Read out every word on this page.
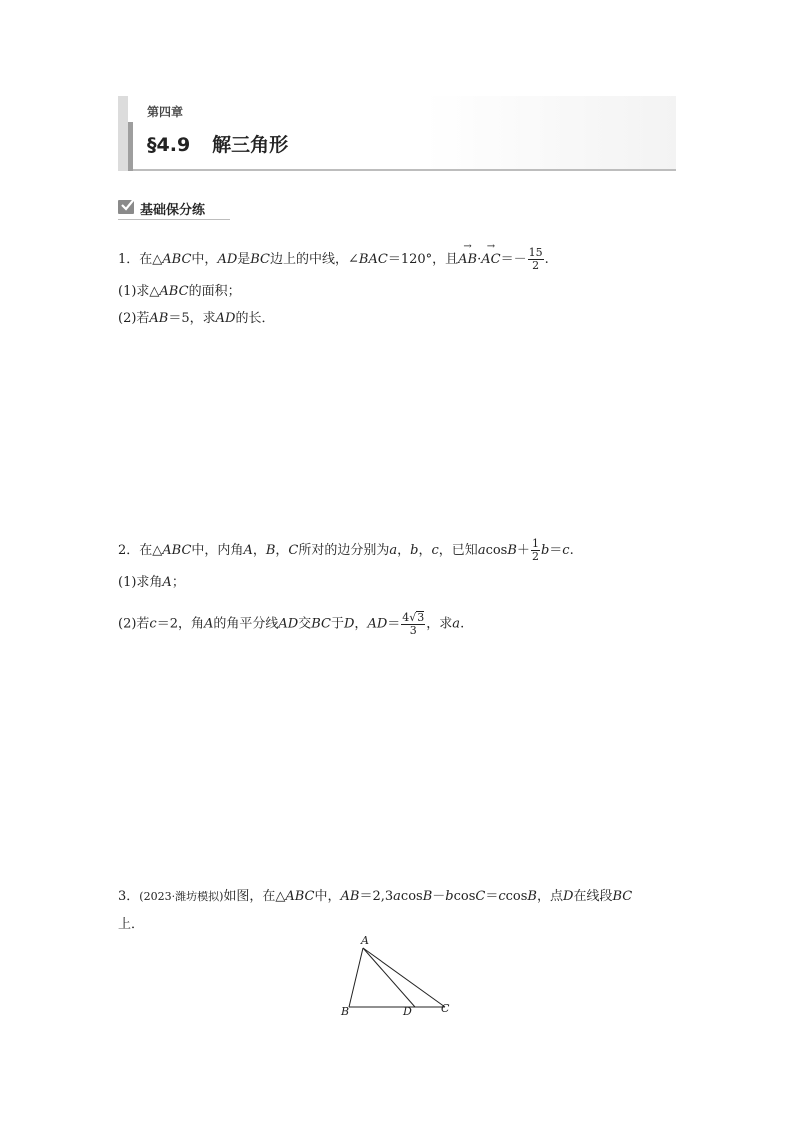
第四章
§4.9 解三角形
基础保分练
1．在△ABC中，AD是BC边上的中线，∠BAC＝120°，且
→
AB·
→
$AC=- \frac{15}{2}$ .
(1)求△ABC的面积；
(2)若AB＝5，求AD的长．
2．在△ABC中，内角A，B，C所对的边分别为a，b，c，已知$acosB+ \frac{1}{2} b=c$.
(1)求角A；
(2)若c＝2，角A的角平分线AD交BC于D，$AD= \frac{4√3}{3}$ ，求a.
3．(2023·潍坊模拟)如图，在△ABC中，AB＝2,3acosB－bcosC＝ccosB，点D在线段BC
上．
A
B	C
D
